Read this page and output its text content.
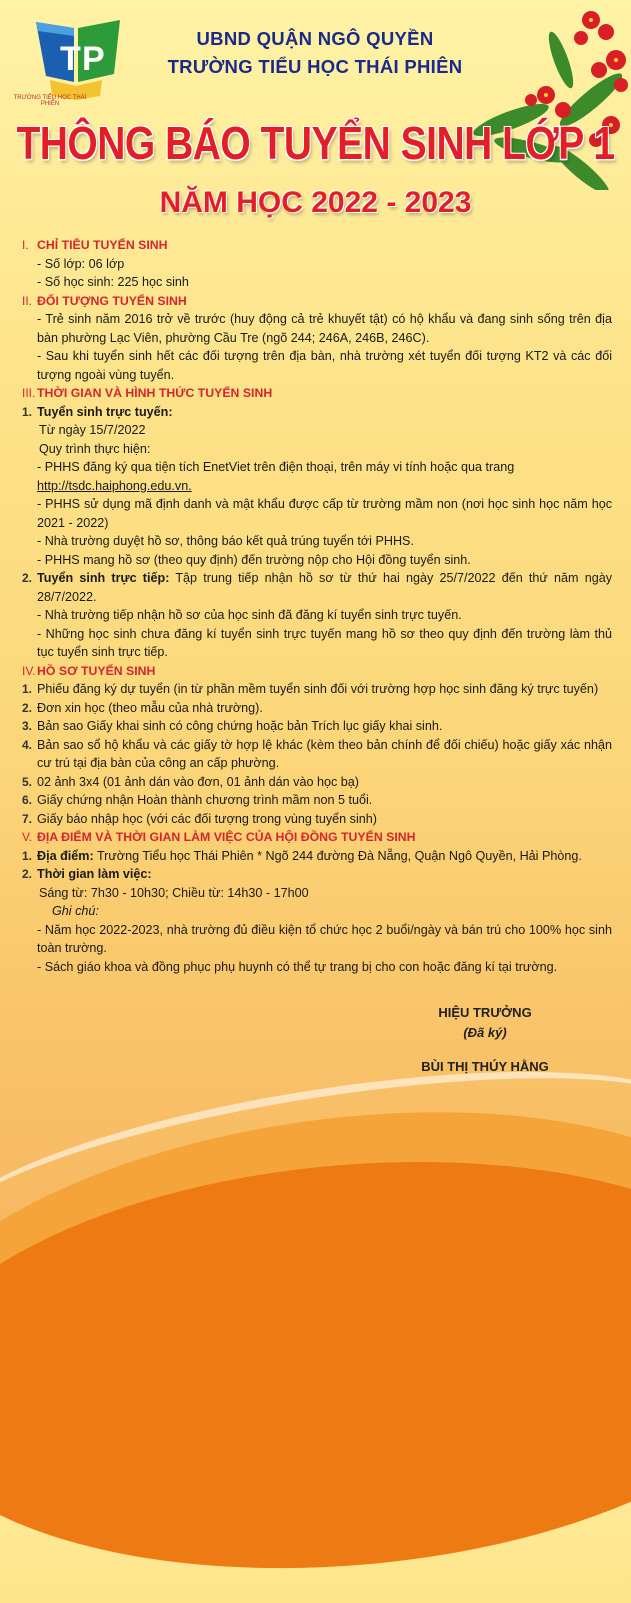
T P
TRƯỜNG TIỂU HỌC THÁI PHIÊN
UBND QUẬN NGÔ QUYỀN
TRƯỜNG TIỂU HỌC THÁI PHIÊN
THÔNG BÁO TUYỂN SINH LỚP 1
NĂM HỌC 2022 - 2023
I. CHỈ TIÊU TUYỂN SINH
- Số lớp: 06 lớp
- Số học sinh: 225 học sinh
II. ĐỐI TƯỢNG TUYỂN SINH
- Trẻ sinh năm 2016 trở về trước (huy động cả trẻ khuyết tật) có hộ khẩu và đang sinh sống trên địa bàn phường Lạc Viên, phường Cầu Tre (ngõ 244; 246A, 246B, 246C).
- Sau khi tuyển sinh hết các đối tượng trên địa bàn, nhà trường xét tuyển đối tượng KT2 và các đối tượng ngoài vùng tuyển.
III. THỜI GIAN VÀ HÌNH THỨC TUYỂN SINH
1. Tuyển sinh trực tuyến:
Từ ngày 15/7/2022
Quy trình thực hiện:
- PHHS đăng ký qua tiện tích EnetViet trên điện thoại, trên máy vi tính hoặc qua trang
http://tsdc.haiphong.edu.vn.
- PHHS sử dụng mã định danh và mật khẩu được cấp từ trường mầm non (nơi học sinh học năm học 2021 - 2022)
- Nhà trường duyệt hồ sơ, thông báo kết quả trúng tuyển tới PHHS.
- PHHS mang hồ sơ (theo quy định) đến trường nộp cho Hội đồng tuyển sinh.
2. Tuyển sinh trực tiếp: Tập trung tiếp nhận hồ sơ từ thứ hai ngày 25/7/2022 đến thứ năm ngày 28/7/2022.
- Nhà trường tiếp nhận hồ sơ của học sinh đã đăng kí tuyển sinh trực tuyến.
- Những học sinh chưa đăng kí tuyển sinh trực tuyến mang hồ sơ theo quy định đến trường làm thủ tục tuyển sinh trực tiếp.
IV. HỒ SƠ TUYỂN SINH
1. Phiếu đăng ký dự tuyển (in từ phần mềm tuyển sinh đối với trường hợp học sinh đăng ký trực tuyến)
2. Đơn xin học (theo mẫu của nhà trường).
3. Bản sao Giấy khai sinh có công chứng hoặc bản Trích lục giấy khai sinh.
4. Bản sao sổ hộ khẩu và các giấy tờ hợp lệ khác (kèm theo bản chính để đối chiếu) hoặc giấy xác nhận cư trú tại địa bàn của công an cấp phường.
5. 02 ảnh 3x4 (01 ảnh dán vào đơn, 01 ảnh dán vào học bạ)
6. Giấy chứng nhận Hoàn thành chương trình mầm non 5 tuổi.
7. Giấy báo nhập học (với các đối tượng trong vùng tuyển sinh)
V. ĐỊA ĐIỂM VÀ THỜI GIAN LÀM VIỆC CỦA HỘI ĐỒNG TUYỂN SINH
1. Địa điểm: Trường Tiểu học Thái Phiên * Ngõ 244 đường Đà Nẵng, Quận Ngô Quyền, Hải Phòng.
2. Thời gian làm việc:
Sáng từ: 7h30 - 10h30; Chiều từ: 14h30 - 17h00
Ghi chú:
- Năm học 2022-2023, nhà trường đủ điều kiện tổ chức học 2 buổi/ngày và bán trú cho 100% học sinh toàn trường.
- Sách giáo khoa và đồng phục phụ huynh có thể tự trang bị cho con hoặc đăng kí tại trường.
HIỆU TRƯỞNG
(Đã ký)
BÙI THỊ THÚY HẰNG
